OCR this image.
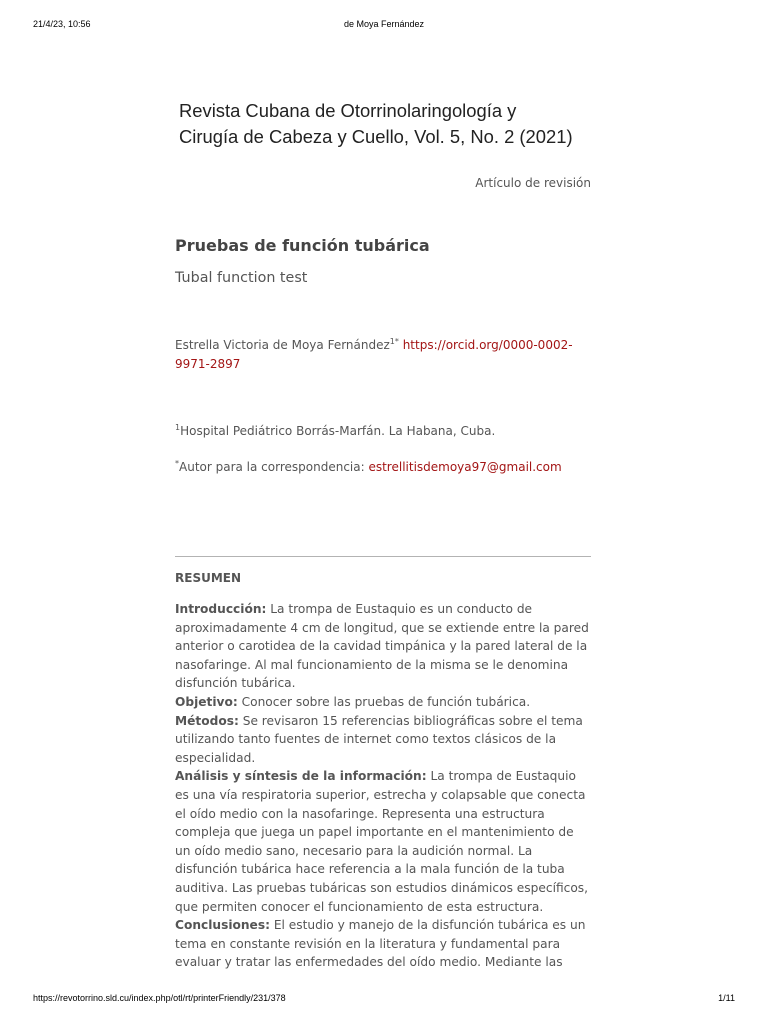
21/4/23, 10:56	de Moya Fernández
Revista Cubana de Otorrinolaringología y
Cirugía de Cabeza y Cuello, Vol. 5, No. 2 (2021)
Artículo de revisión
Pruebas de función tubárica
Tubal function test
Estrella Victoria de Moya Fernández$^{1*}$ https://orcid.org/0000-0002-9971-2897
$^1$Hospital Pediátrico Borrás-Marfán. La Habana, Cuba.
*Autor para la correspondencia: estrellitisdemoya97@gmail.com
RESUMEN

Introducción: La trompa de Eustaquio es un conducto de aproximadamente 4 cm de longitud, que se extiende entre la pared anterior o carotidea de la cavidad timpánica y la pared lateral de la nasofaringe. Al mal funcionamiento de la misma se le denomina disfunción tubárica.

Objetivo: Conocer sobre las pruebas de función tubárica.

Métodos: Se revisaron 15 referencias bibliográficas sobre el tema utilizando tanto fuentes de internet como textos clásicos de la especialidad.

Análisis y síntesis de la información: La trompa de Eustaquio es una vía respiratoria superior, estrecha y colapsable que conecta el oído medio con la nasofaringe. Representa una estructura compleja que juega un papel importante en el mantenimiento de un oído medio sano, necesario para la audición normal. La disfunción tubárica hace referencia a la mala función de la tuba auditiva. Las pruebas tubáricas son estudios dinámicos específicos, que permiten conocer el funcionamiento de esta estructura.

Conclusiones: El estudio y manejo de la disfunción tubárica es un tema en constante revisión en la literatura y fundamental para evaluar y tratar las enfermedades del oído medio. Mediante las

https://revotorrino.sld.cu/index.php/otl/rt/printerFriendly/231/378	1/11
